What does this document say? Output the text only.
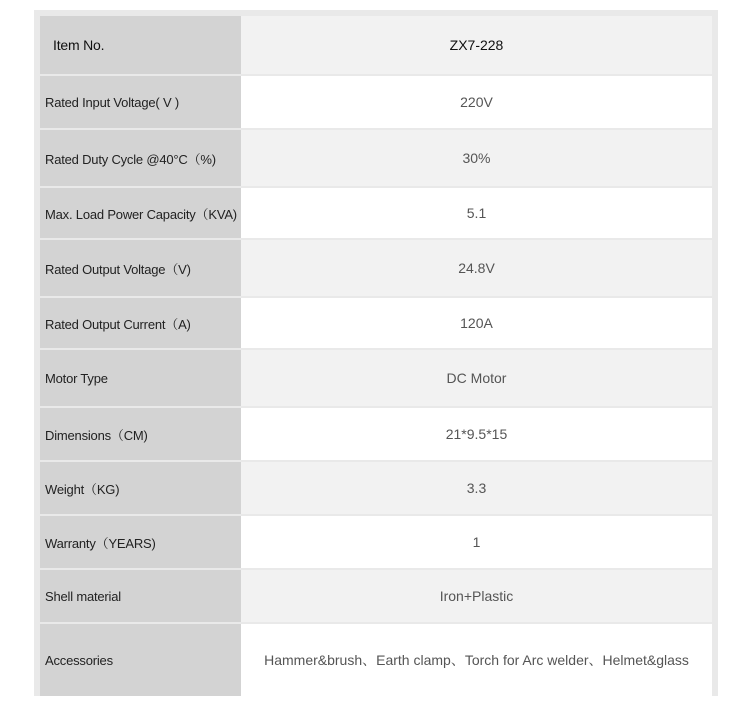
Item No.	ZX7-228
Rated Input Voltage( V )	220V
Rated Duty Cycle @40°C（%)	30%
Max. Load Power Capacity（KVA)	5.1
Rated Output Voltage（V)	24.8V
Rated Output Current（A)	120A
Motor Type	DC Motor
Dimensions（CM)	21*9.5*15
Weight（KG)	3.3
Warranty（YEARS)	1
Shell material	Iron+Plastic
Accessories	Hammer&brush、Earth clamp、Torch for Arc welder、Helmet&glass
